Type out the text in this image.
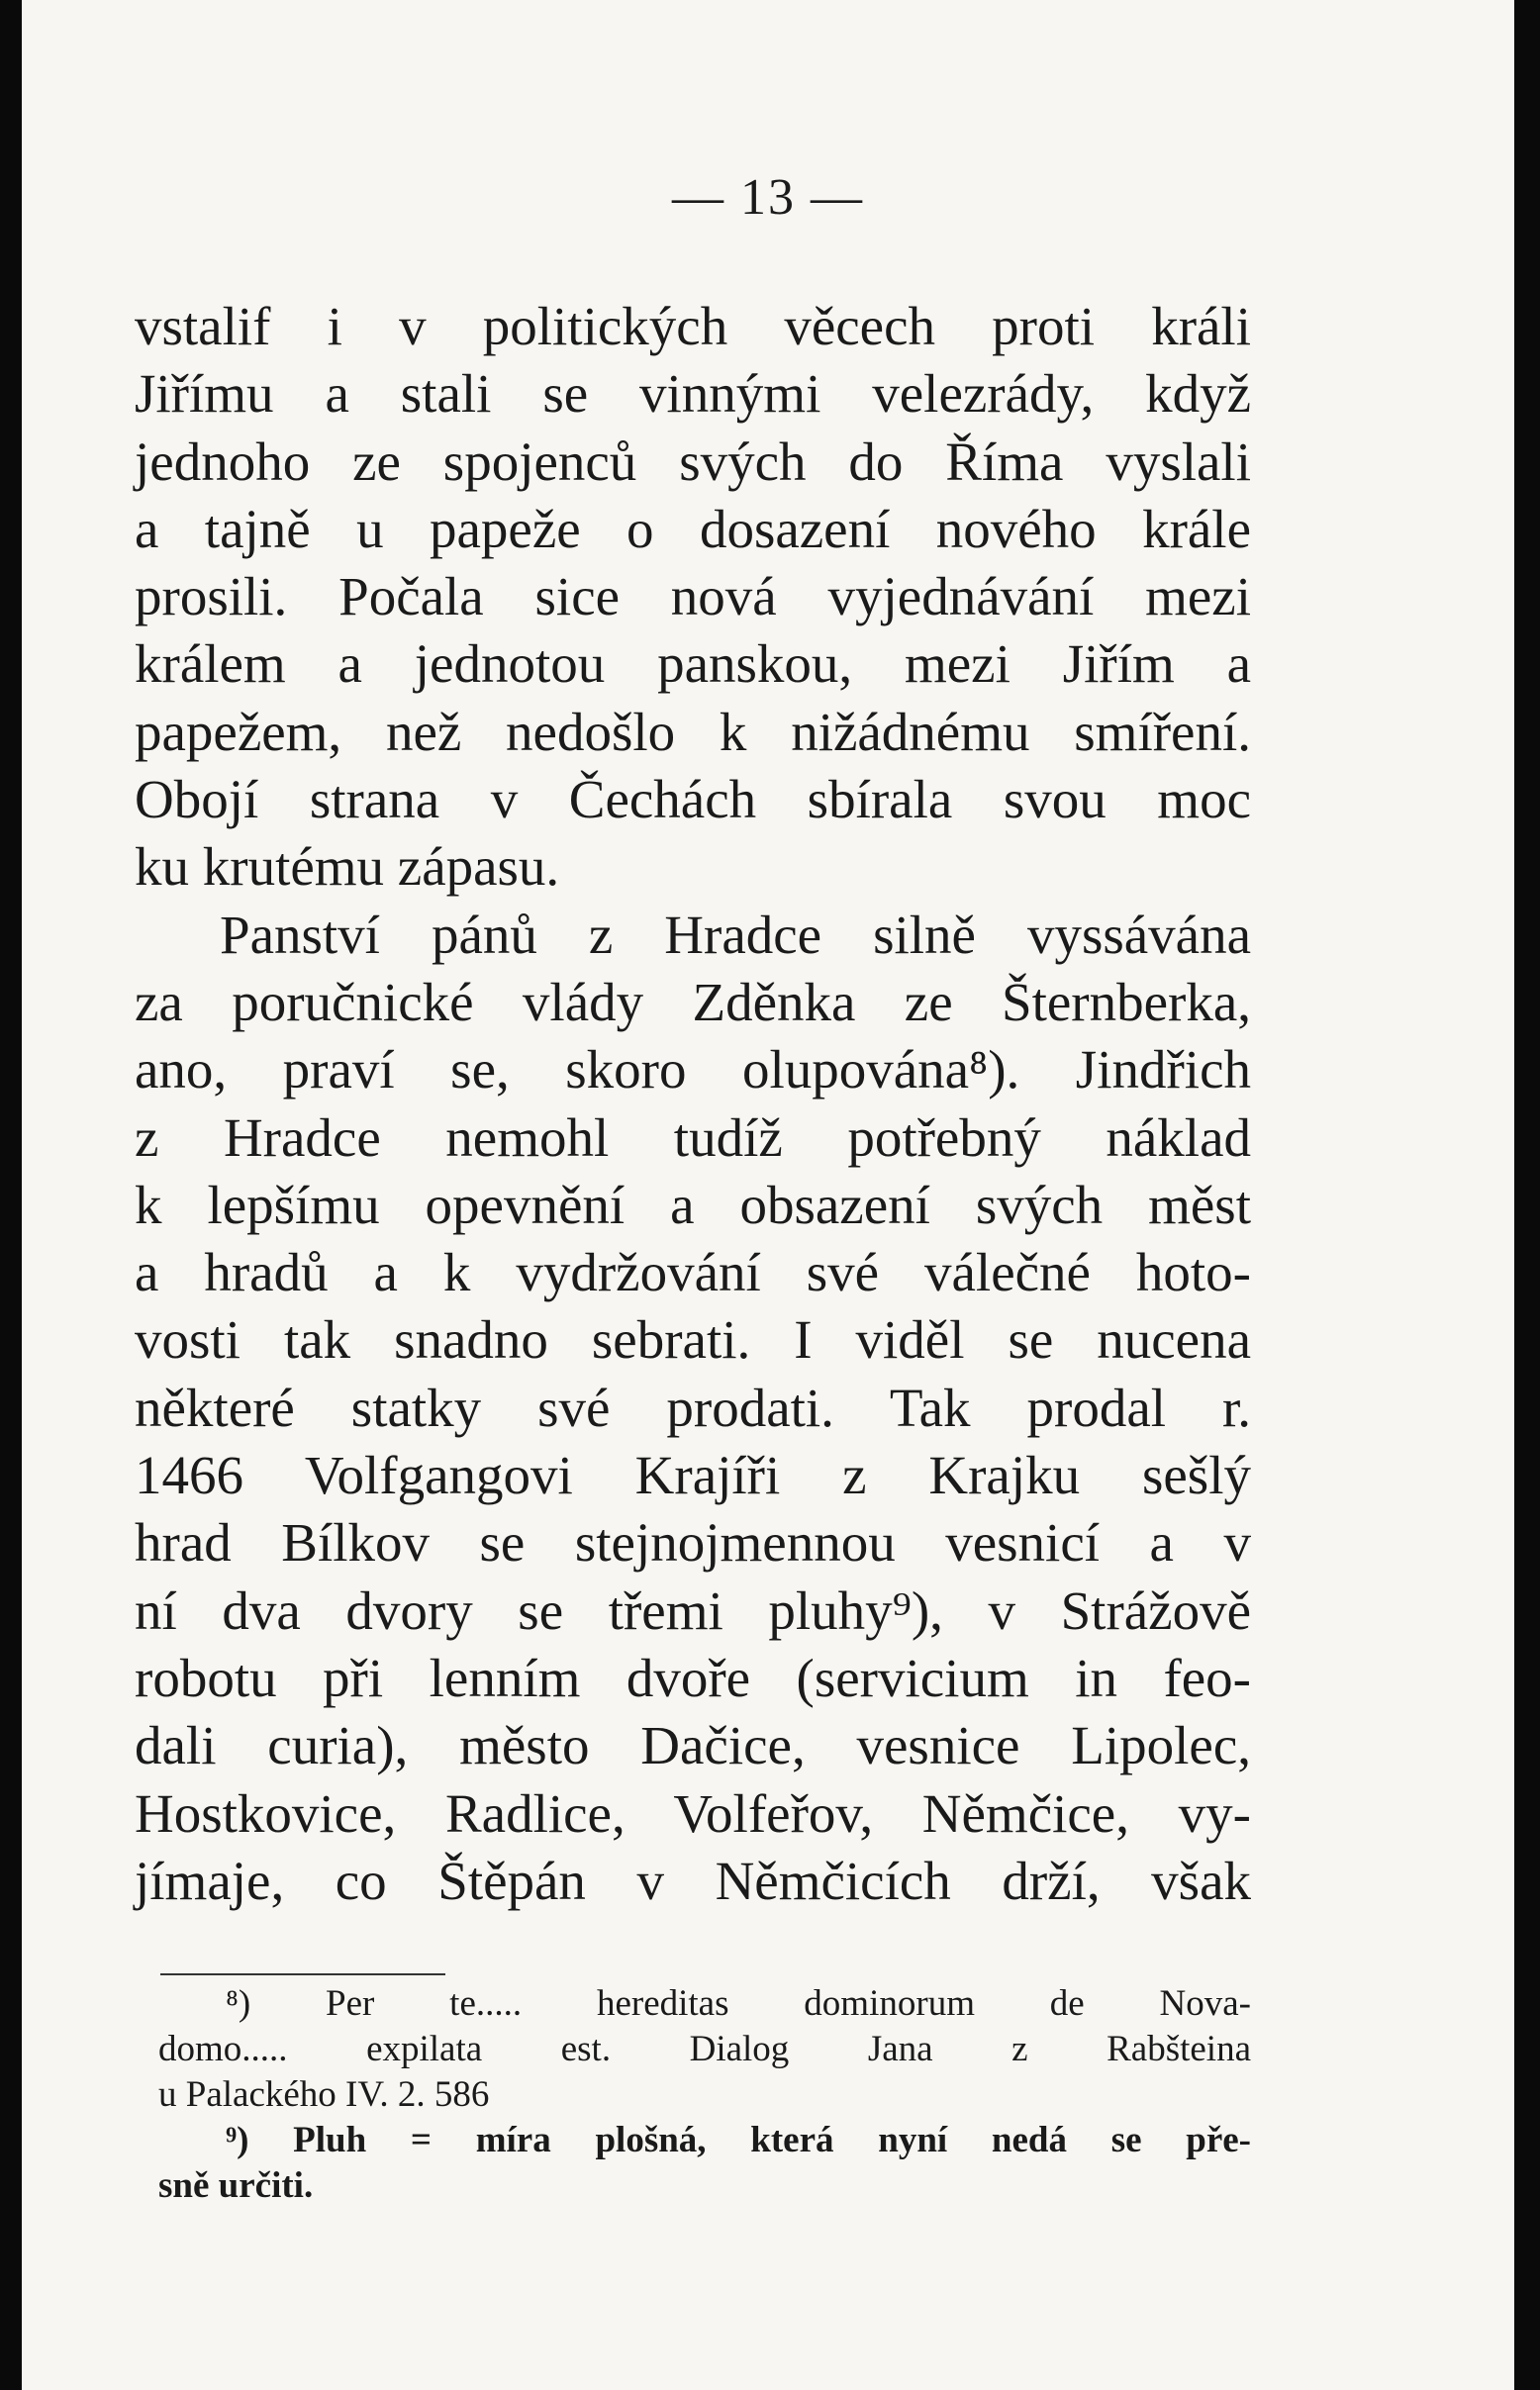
— 13 —
vstalif i v politických věcech proti králi
Jiřímu a stali se vinnými velezrády, když
jednoho ze spojenců svých do Říma vyslali
a tajně u papeže o dosazení nového krále
prosili. Počala sice nová vyjednávání mezi
králem a jednotou panskou, mezi Jiřím a
papežem, než nedošlo k nižádnému smíření.
Obojí strana v Čechách sbírala svou moc
ku krutému zápasu.
Panství pánů z Hradce silně vyssávána
za poručnické vlády Zděnka ze Šternberka,
ano, praví se, skoro olupována⁸). Jindřich
z Hradce nemohl tudíž potřebný náklad
k lepšímu opevnění a obsazení svých měst
a hradů a k vydržování své válečné hoto-
vosti tak snadno sebrati. I viděl se nucena
některé statky své prodati. Tak prodal r.
1466 Volfgangovi Krajíři z Krajku sešlý
hrad Bílkov se stejnojmennou vesnicí a v
ní dva dvory se třemi pluhy⁹), v Strážově
robotu při lenním dvoře (servicium in feo-
dali curia), město Dačice, vesnice Lipolec,
Hostkovice, Radlice, Volfeřov, Němčice, vy-
jímaje, co Štěpán v Němčicích drží, však
⁸) Per te..... hereditas dominorum de Nova-
domo..... expilata est. Dialog Jana z Rabšteina
u Palackého IV. 2. 586
⁹) Pluh = míra plošná, která nyní nedá se pře-
sně určiti.
